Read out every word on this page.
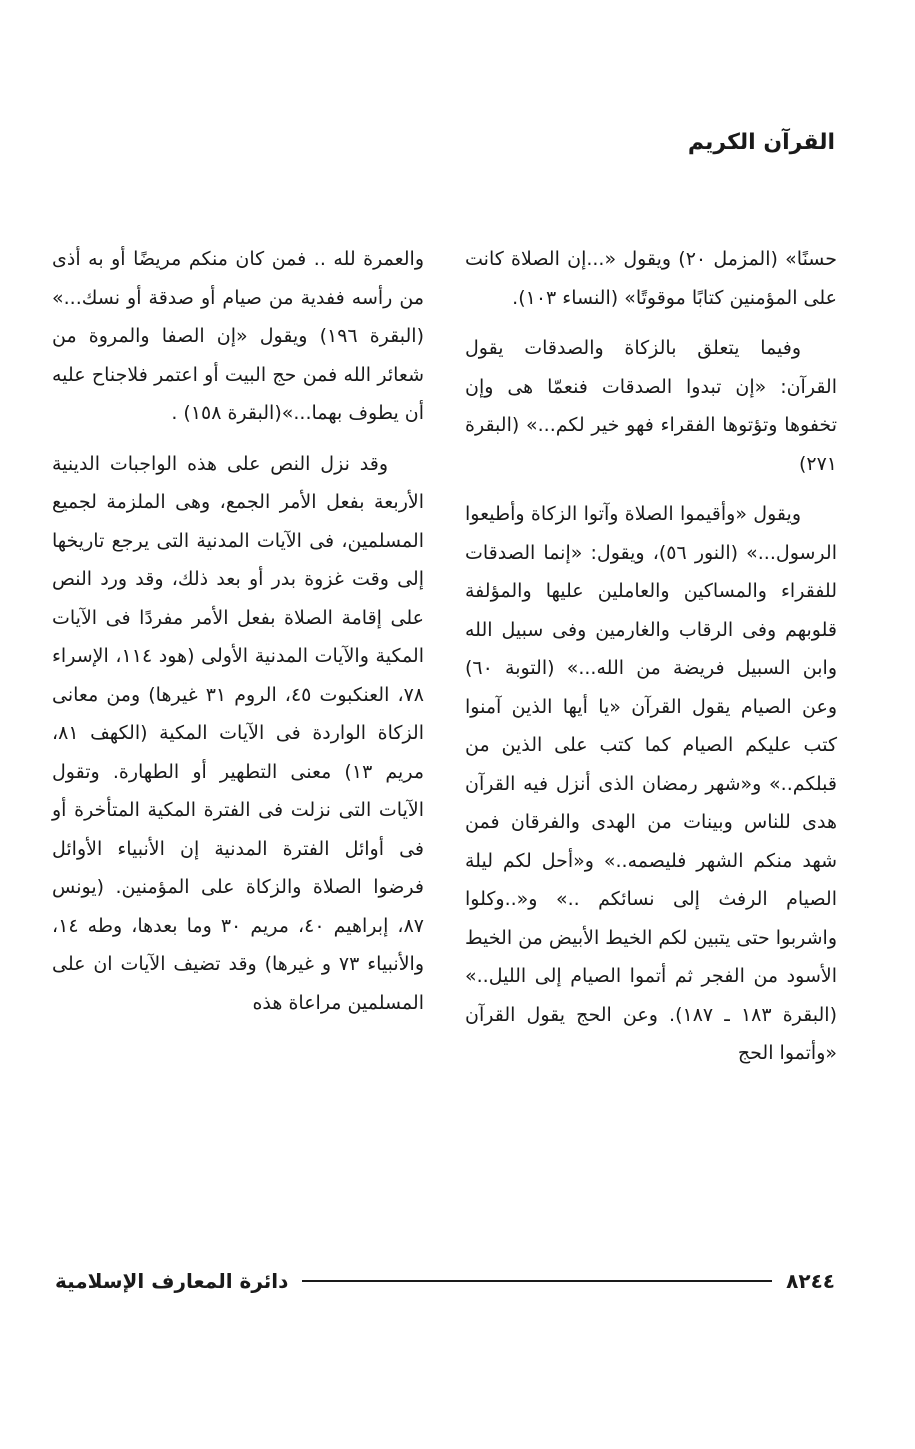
القرآن الكريم

حسنًا» (المزمل ٢٠) ويقول «...إن الصلاة كانت على المؤمنين كتابًا موقوتًا» (النساء ١٠٣).

وفيما يتعلق بالزكاة والصدقات يقول القرآن: «إن تبدوا الصدقات فنعمّا هى وإن تخفوها وتؤتوها الفقراء فهو خير لكم...» (البقرة ٢٧١)

ويقول «وأقيموا الصلاة وآتوا الزكاة وأطيعوا الرسول...» (النور ٥٦)، ويقول: «إنما الصدقات للفقراء والمساكين والعاملين عليها والمؤلفة قلوبهم وفى الرقاب والغارمين وفى سبيل الله وابن السبيل فريضة من الله...» (التوبة ٦٠) وعن الصيام يقول القرآن «يا أيها الذين آمنوا كتب عليكم الصيام كما كتب على الذين من قبلكم..» و«شهر رمضان الذى أنزل فيه القرآن هدى للناس وبينات من الهدى والفرقان فمن شهد منكم الشهر فليصمه..» و«أحل لكم ليلة الصيام الرفث إلى نسائكم ..» و«..وكلوا واشربوا حتى يتبين لكم الخيط الأبيض من الخيط الأسود من الفجر ثم أتموا الصيام إلى الليل..» (البقرة ١٨٣ ـ ١٨٧). وعن الحج يقول القرآن «وأتموا الحج

والعمرة لله .. فمن كان منكم مريضًا أو به أذى من رأسه ففدية من صيام أو صدقة أو نسك...» (البقرة ١٩٦) ويقول «إن الصفا والمروة من شعائر الله فمن حج البيت أو اعتمر فلاجناح عليه أن يطوف بهما...»(البقرة ١٥٨) .

وقد نزل النص على هذه الواجبات الدينية الأربعة بفعل الأمر الجمع، وهى الملزمة لجميع المسلمين، فى الآيات المدنية التى يرجع تاريخها إلى وقت غزوة بدر أو بعد ذلك، وقد ورد النص على إقامة الصلاة بفعل الأمر مفردًا فى الآيات المكية والآيات المدنية الأولى (هود ١١٤، الإسراء ٧٨، العنكبوت ٤٥، الروم ٣١ غيرها) ومن معانى الزكاة الواردة فى الآيات المكية (الكهف ٨١، مريم ١٣) معنى التطهير أو الطهارة. وتقول الآيات التى نزلت فى الفترة المكية المتأخرة أو فى أوائل الفترة المدنية إن الأنبياء الأوائل فرضوا الصلاة والزكاة على المؤمنين. (يونس ٨٧، إبراهيم ٤٠، مريم ٣٠ وما بعدها، وطه ١٤، والأنبياء ٧٣ و غيرها) وقد تضيف الآيات ان على المسلمين مراعاة هذه

٨٢٤٤
دائرة المعارف الإسلامية
